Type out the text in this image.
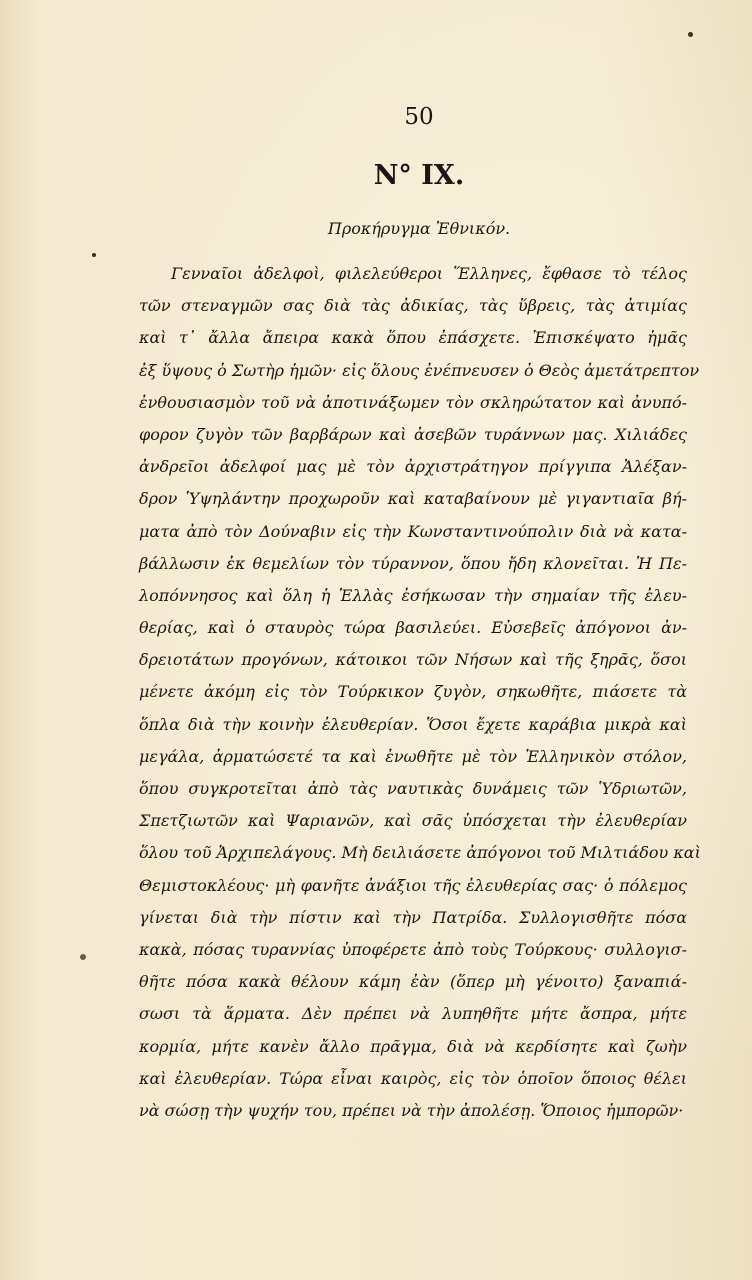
50
N° IX.
Προκήρυγμα Ἐθνικόν.
Γενναῖοι ἀδελφοὶ, φιλελεύθεροι Ἕλληνες, ἔφθασε τὸ τέλος
τῶν στεναγμῶν σας διὰ τὰς ἀδικίας, τὰς ὕβρεις, τὰς ἀτιμίας
καὶ τ᾿ ἄλλα ἄπειρα κακὰ ὅπου ἐπάσχετε. Ἐπισκέψατο ἡμᾶς
ἐξ ὕψους ὁ Σωτὴρ ἡμῶν· εἰς ὅλους ἐνέπνευσεν ὁ Θεὸς ἀμετάτρεπτον
ἐνθουσιασμὸν τοῦ νὰ ἀποτινάξωμεν τὸν σκληρώτατον καὶ ἀνυπό-
φορον ζυγὸν τῶν βαρβάρων καὶ ἀσεβῶν τυράννων μας. Χιλιάδες
ἀνδρεῖοι ἀδελφοί μας μὲ τὸν ἀρχιστράτηγον πρίγγιπα Ἀλέξαν-
δρον Ὑψηλάντην προχωροῦν καὶ καταβαίνουν μὲ γιγαντιαῖα βή-
ματα ἀπὸ τὸν Δούναβιν εἰς τὴν Κωνσταντινούπολιν διὰ νὰ κατα-
βάλλωσιν ἐκ θεμελίων τὸν τύραννον, ὅπου ἤδη κλονεῖται. Ἡ Πε-
λοπόννησος καὶ ὅλη ἡ Ἑλλὰς ἐσήκωσαν τὴν σημαίαν τῆς ἐλευ-
θερίας, καὶ ὁ σταυρὸς τώρα βασιλεύει. Εὐσεβεῖς ἀπόγονοι ἀν-
δρειοτάτων προγόνων, κάτοικοι τῶν Νήσων καὶ τῆς ξηρᾶς, ὅσοι
μένετε ἀκόμη εἰς τὸν Τούρκικον ζυγὸν, σηκωθῆτε, πιάσετε τὰ
ὅπλα διὰ τὴν κοινὴν ἐλευθερίαν. Ὅσοι ἔχετε καράβια μικρὰ καὶ
μεγάλα, ἁρματώσετέ τα καὶ ἑνωθῆτε μὲ τὸν Ἑλληνικὸν στόλον,
ὅπου συγκροτεῖται ἀπὸ τὰς ναυτικὰς δυνάμεις τῶν Ὑδριωτῶν,
Σπετζιωτῶν καὶ Ψαριανῶν, καὶ σᾶς ὑπόσχεται τὴν ἐλευθερίαν
ὅλου τοῦ Ἀρχιπελάγους. Μὴ δειλιάσετε ἀπόγονοι τοῦ Μιλτιάδου καὶ
Θεμιστοκλέους· μὴ φανῆτε ἀνάξιοι τῆς ἐλευθερίας σας· ὁ πόλεμος
γίνεται διὰ τὴν πίστιν καὶ τὴν Πατρίδα. Συλλογισθῆτε πόσα
κακὰ, πόσας τυραννίας ὑποφέρετε ἀπὸ τοὺς Τούρκους· συλλογισ-
θῆτε πόσα κακὰ θέλουν κάμη ἐὰν (ὅπερ μὴ γένοιτο) ξαναπιά-
σωσι τὰ ἅρματα. Δὲν πρέπει νὰ λυπηθῆτε μήτε ἄσπρα, μήτε
κορμία, μήτε κανὲν ἄλλο πρᾶγμα, διὰ νὰ κερδίσητε καὶ ζωὴν
καὶ ἐλευθερίαν. Τώρα εἶναι καιρὸς, εἰς τὸν ὁποῖον ὅποιος θέλει
νὰ σώσῃ τὴν ψυχήν του, πρέπει νὰ τὴν ἀπολέσῃ. Ὅποιος ἠμπορῶν·
